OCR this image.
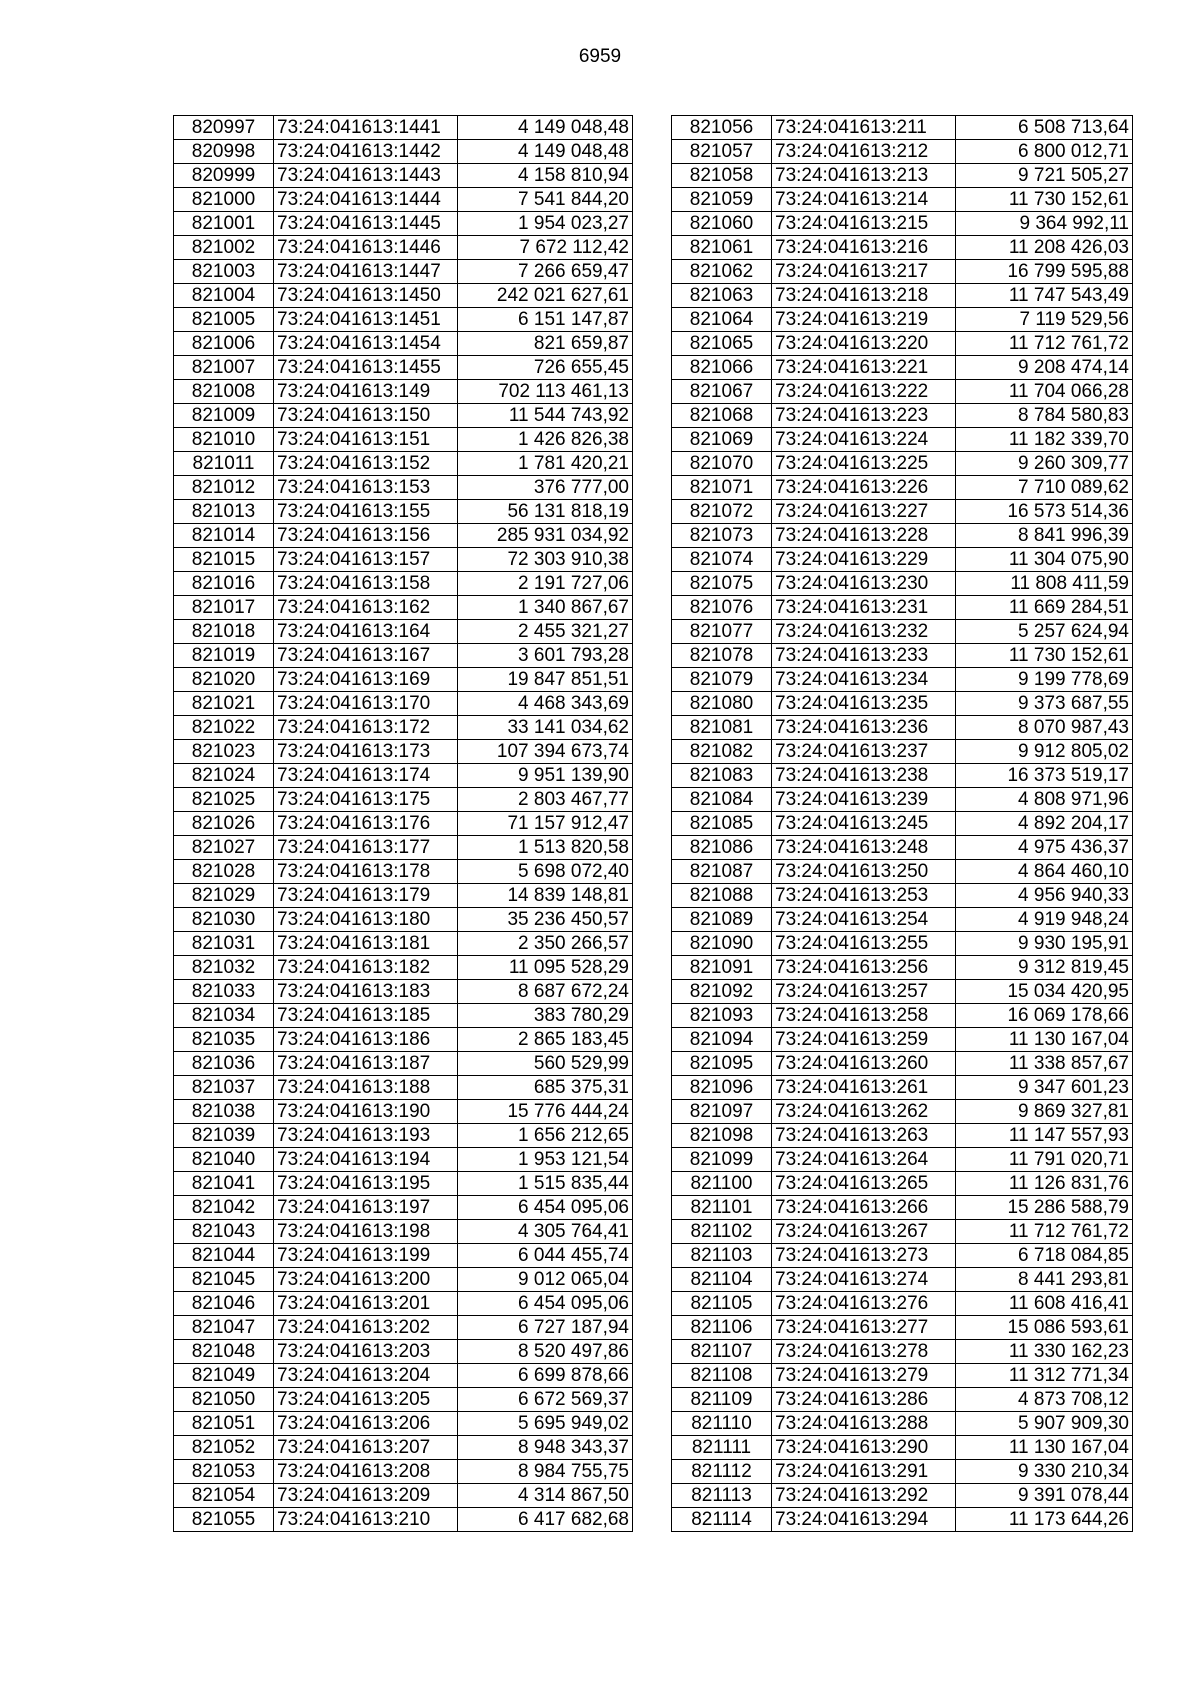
6959
820997	73:24:041613:1441	4 149 048,48
820998	73:24:041613:1442	4 149 048,48
820999	73:24:041613:1443	4 158 810,94
821000	73:24:041613:1444	7 541 844,20
821001	73:24:041613:1445	1 954 023,27
821002	73:24:041613:1446	7 672 112,42
821003	73:24:041613:1447	7 266 659,47
821004	73:24:041613:1450	242 021 627,61
821005	73:24:041613:1451	6 151 147,87
821006	73:24:041613:1454	821 659,87
821007	73:24:041613:1455	726 655,45
821008	73:24:041613:149	702 113 461,13
821009	73:24:041613:150	11 544 743,92
821010	73:24:041613:151	1 426 826,38
821011	73:24:041613:152	1 781 420,21
821012	73:24:041613:153	376 777,00
821013	73:24:041613:155	56 131 818,19
821014	73:24:041613:156	285 931 034,92
821015	73:24:041613:157	72 303 910,38
821016	73:24:041613:158	2 191 727,06
821017	73:24:041613:162	1 340 867,67
821018	73:24:041613:164	2 455 321,27
821019	73:24:041613:167	3 601 793,28
821020	73:24:041613:169	19 847 851,51
821021	73:24:041613:170	4 468 343,69
821022	73:24:041613:172	33 141 034,62
821023	73:24:041613:173	107 394 673,74
821024	73:24:041613:174	9 951 139,90
821025	73:24:041613:175	2 803 467,77
821026	73:24:041613:176	71 157 912,47
821027	73:24:041613:177	1 513 820,58
821028	73:24:041613:178	5 698 072,40
821029	73:24:041613:179	14 839 148,81
821030	73:24:041613:180	35 236 450,57
821031	73:24:041613:181	2 350 266,57
821032	73:24:041613:182	11 095 528,29
821033	73:24:041613:183	8 687 672,24
821034	73:24:041613:185	383 780,29
821035	73:24:041613:186	2 865 183,45
821036	73:24:041613:187	560 529,99
821037	73:24:041613:188	685 375,31
821038	73:24:041613:190	15 776 444,24
821039	73:24:041613:193	1 656 212,65
821040	73:24:041613:194	1 953 121,54
821041	73:24:041613:195	1 515 835,44
821042	73:24:041613:197	6 454 095,06
821043	73:24:041613:198	4 305 764,41
821044	73:24:041613:199	6 044 455,74
821045	73:24:041613:200	9 012 065,04
821046	73:24:041613:201	6 454 095,06
821047	73:24:041613:202	6 727 187,94
821048	73:24:041613:203	8 520 497,86
821049	73:24:041613:204	6 699 878,66
821050	73:24:041613:205	6 672 569,37
821051	73:24:041613:206	5 695 949,02
821052	73:24:041613:207	8 948 343,37
821053	73:24:041613:208	8 984 755,75
821054	73:24:041613:209	4 314 867,50
821055	73:24:041613:210	6 417 682,68
821056	73:24:041613:211	6 508 713,64
821057	73:24:041613:212	6 800 012,71
821058	73:24:041613:213	9 721 505,27
821059	73:24:041613:214	11 730 152,61
821060	73:24:041613:215	9 364 992,11
821061	73:24:041613:216	11 208 426,03
821062	73:24:041613:217	16 799 595,88
821063	73:24:041613:218	11 747 543,49
821064	73:24:041613:219	7 119 529,56
821065	73:24:041613:220	11 712 761,72
821066	73:24:041613:221	9 208 474,14
821067	73:24:041613:222	11 704 066,28
821068	73:24:041613:223	8 784 580,83
821069	73:24:041613:224	11 182 339,70
821070	73:24:041613:225	9 260 309,77
821071	73:24:041613:226	7 710 089,62
821072	73:24:041613:227	16 573 514,36
821073	73:24:041613:228	8 841 996,39
821074	73:24:041613:229	11 304 075,90
821075	73:24:041613:230	11 808 411,59
821076	73:24:041613:231	11 669 284,51
821077	73:24:041613:232	5 257 624,94
821078	73:24:041613:233	11 730 152,61
821079	73:24:041613:234	9 199 778,69
821080	73:24:041613:235	9 373 687,55
821081	73:24:041613:236	8 070 987,43
821082	73:24:041613:237	9 912 805,02
821083	73:24:041613:238	16 373 519,17
821084	73:24:041613:239	4 808 971,96
821085	73:24:041613:245	4 892 204,17
821086	73:24:041613:248	4 975 436,37
821087	73:24:041613:250	4 864 460,10
821088	73:24:041613:253	4 956 940,33
821089	73:24:041613:254	4 919 948,24
821090	73:24:041613:255	9 930 195,91
821091	73:24:041613:256	9 312 819,45
821092	73:24:041613:257	15 034 420,95
821093	73:24:041613:258	16 069 178,66
821094	73:24:041613:259	11 130 167,04
821095	73:24:041613:260	11 338 857,67
821096	73:24:041613:261	9 347 601,23
821097	73:24:041613:262	9 869 327,81
821098	73:24:041613:263	11 147 557,93
821099	73:24:041613:264	11 791 020,71
821100	73:24:041613:265	11 126 831,76
821101	73:24:041613:266	15 286 588,79
821102	73:24:041613:267	11 712 761,72
821103	73:24:041613:273	6 718 084,85
821104	73:24:041613:274	8 441 293,81
821105	73:24:041613:276	11 608 416,41
821106	73:24:041613:277	15 086 593,61
821107	73:24:041613:278	11 330 162,23
821108	73:24:041613:279	11 312 771,34
821109	73:24:041613:286	4 873 708,12
821110	73:24:041613:288	5 907 909,30
821111	73:24:041613:290	11 130 167,04
821112	73:24:041613:291	9 330 210,34
821113	73:24:041613:292	9 391 078,44
821114	73:24:041613:294	11 173 644,26
